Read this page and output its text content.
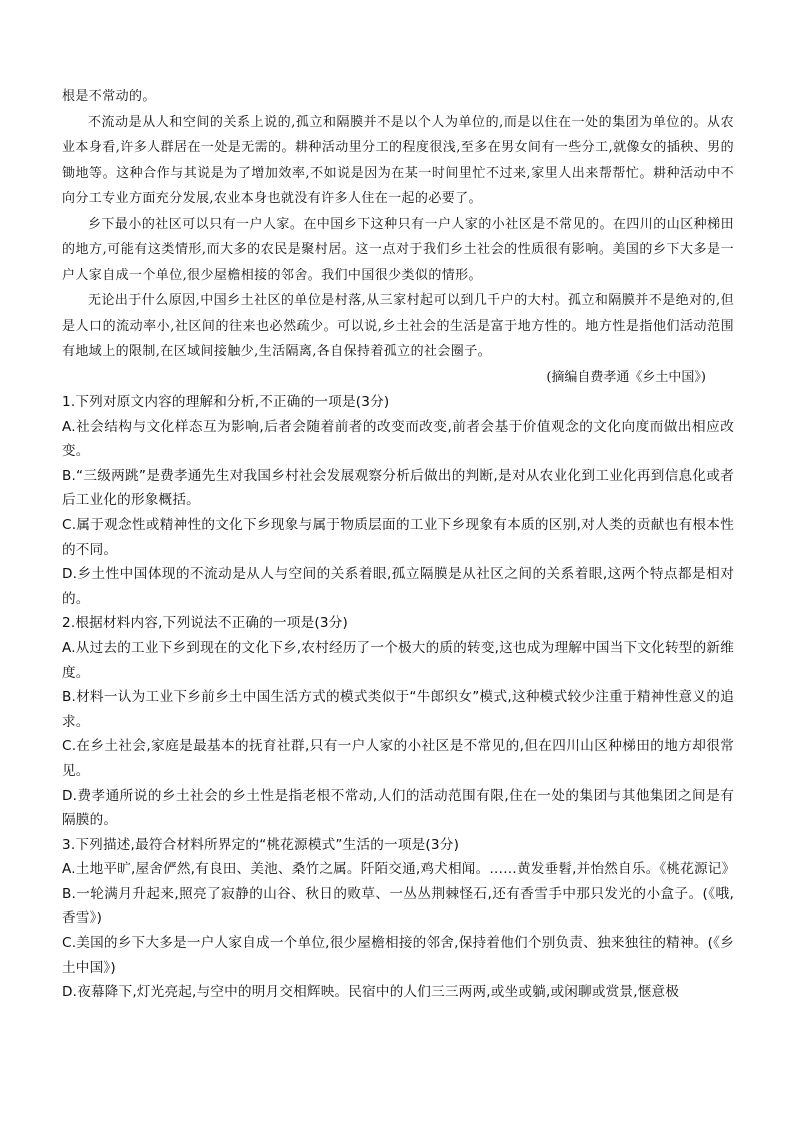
根是不常动的。

不流动是从人和空间的关系上说的,孤立和隔膜并不是以个人为单位的,而是以住在一处的集团为单位的。从农业本身看,许多人群居在一处是无需的。耕种活动里分工的程度很浅,至多在男女间有一些分工,就像女的插秧、男的锄地等。这种合作与其说是为了增加效率,不如说是因为在某一时间里忙不过来,家里人出来帮帮忙。耕种活动中不向分工专业方面充分发展,农业本身也就没有许多人住在一起的必要了。

乡下最小的社区可以只有一户人家。在中国乡下这种只有一户人家的小社区是不常见的。在四川的山区种梯田的地方,可能有这类情形,而大多的农民是聚村居。这一点对于我们乡土社会的性质很有影响。美国的乡下大多是一户人家自成一个单位,很少屋檐相接的邻舍。我们中国很少类似的情形。

无论出于什么原因,中国乡土社区的单位是村落,从三家村起可以到几千户的大村。孤立和隔膜并不是绝对的,但是人口的流动率小,社区间的往来也必然疏少。可以说,乡土社会的生活是富于地方性的。地方性是指他们活动范围有地域上的限制,在区域间接触少,生活隔离,各自保持着孤立的社会圈子。

(摘编自费孝通《乡土中国》)

1.下列对原文内容的理解和分析,不正确的一项是(3分)

A.社会结构与文化样态互为影响,后者会随着前者的改变而改变,前者会基于价值观念的文化向度而做出相应改变。

B.“三级两跳”是费孝通先生对我国乡村社会发展观察分析后做出的判断,是对从农业化到工业化再到信息化或者后工业化的形象概括。

C.属于观念性或精神性的文化下乡现象与属于物质层面的工业下乡现象有本质的区别,对人类的贡献也有根本性的不同。

D.乡土性中国体现的不流动是从人与空间的关系着眼,孤立隔膜是从社区之间的关系着眼,这两个特点都是相对的。

2.根据材料内容,下列说法不正确的一项是(3分)

A.从过去的工业下乡到现在的文化下乡,农村经历了一个极大的质的转变,这也成为理解中国当下文化转型的新维度。

B.材料一认为工业下乡前乡土中国生活方式的模式类似于“牛郎织女”模式,这种模式较少注重于精神性意义的追求。

C.在乡土社会,家庭是最基本的抚育社群,只有一户人家的小社区是不常见的,但在四川山区种梯田的地方却很常见。

D.费孝通所说的乡土社会的乡土性是指老根不常动,人们的活动范围有限,住在一处的集团与其他集团之间是有隔膜的。

3.下列描述,最符合材料所界定的“桃花源模式”生活的一项是(3分)

A.土地平旷,屋舍俨然,有良田、美池、桑竹之属。阡陌交通,鸡犬相闻。……黄发垂髫,并怡然自乐。《桃花源记》

B.一轮满月升起来,照亮了寂静的山谷、秋日的败草、一丛丛荆棘怪石,还有香雪手中那只发光的小盒子。(《哦,香雪》)

C.美国的乡下大多是一户人家自成一个单位,很少屋檐相接的邻舍,保持着他们个别负责、独来独往的精神。(《乡土中国》)

D.夜幕降下,灯光亮起,与空中的明月交相辉映。民宿中的人们三三两两,或坐或躺,或闲聊或赏景,惬意极
